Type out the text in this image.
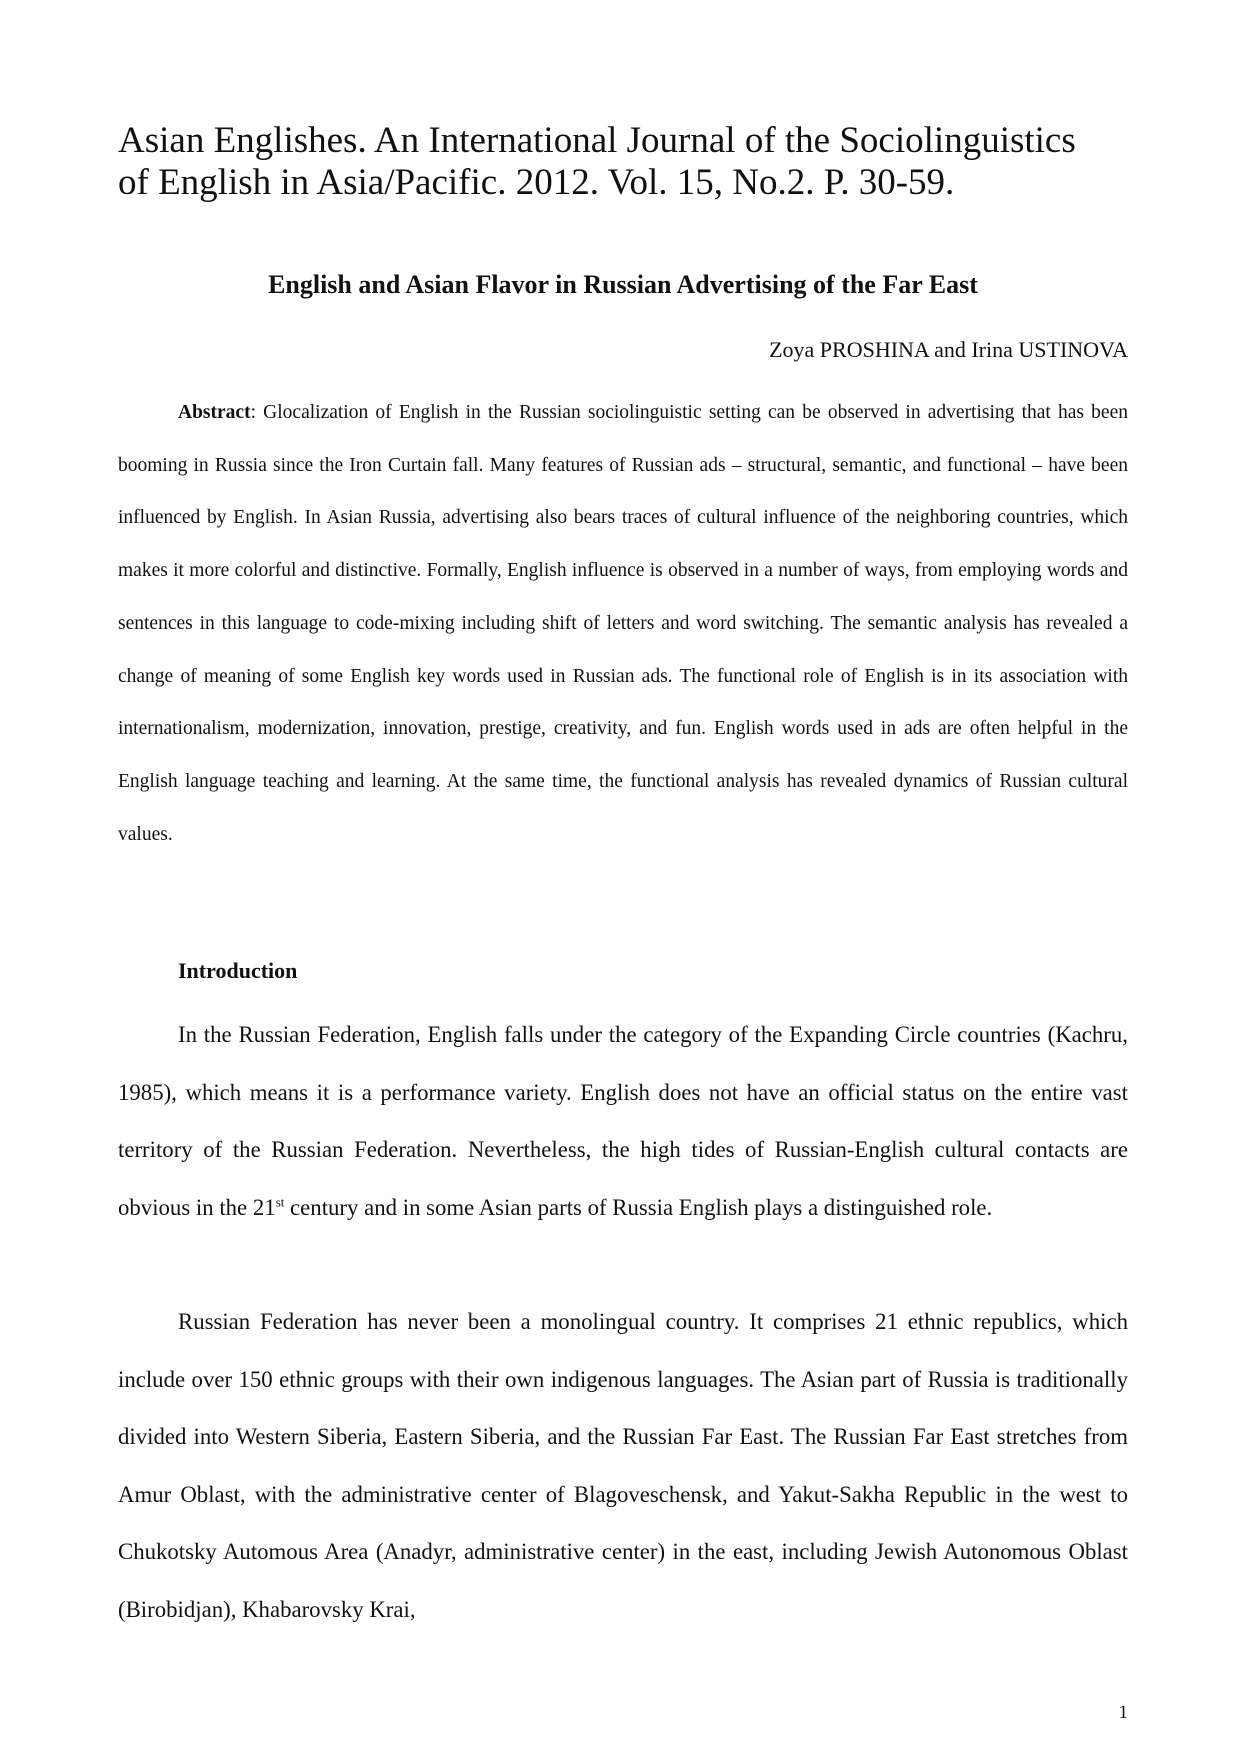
Asian Englishes. An International Journal of the Sociolinguistics
of English in Asia/Pacific. 2012. Vol. 15, No.2. P. 30-59.
English and Asian Flavor in Russian Advertising of the Far East

Zoya PROSHINA and Irina USTINOVA

Abstract: Glocalization of English in the Russian sociolinguistic setting can be observed in advertising that has been booming in Russia since the Iron Curtain fall. Many features of Russian ads – structural, semantic, and functional – have been influenced by English. In Asian Russia, advertising also bears traces of cultural influence of the neighboring countries, which makes it more colorful and distinctive. Formally, English influence is observed in a number of ways, from employing words and sentences in this language to code-mixing including shift of letters and word switching. The semantic analysis has revealed a change of meaning of some English key words used in Russian ads. The functional role of English is in its association with internationalism, modernization, innovation, prestige, creativity, and fun. English words used in ads are often helpful in the English language teaching and learning. At the same time, the functional analysis has revealed dynamics of Russian cultural values.

Introduction

In the Russian Federation, English falls under the category of the Expanding Circle countries (Kachru, 1985), which means it is a performance variety. English does not have an official status on the entire vast territory of the Russian Federation. Nevertheless, the high tides of Russian-English cultural contacts are obvious in the 21st century and in some Asian parts of Russia English plays a distinguished role.

Russian Federation has never been a monolingual country. It comprises 21 ethnic republics, which include over 150 ethnic groups with their own indigenous languages. The Asian part of Russia is traditionally divided into Western Siberia, Eastern Siberia, and the Russian Far East. The Russian Far East stretches from Amur Oblast, with the administrative center of Blagoveschensk, and Yakut-Sakha Republic in the west to Chukotsky Automous Area (Anadyr, administrative center) in the east, including Jewish Autonomous Oblast (Birobidjan), Khabarovsky Krai,

1
